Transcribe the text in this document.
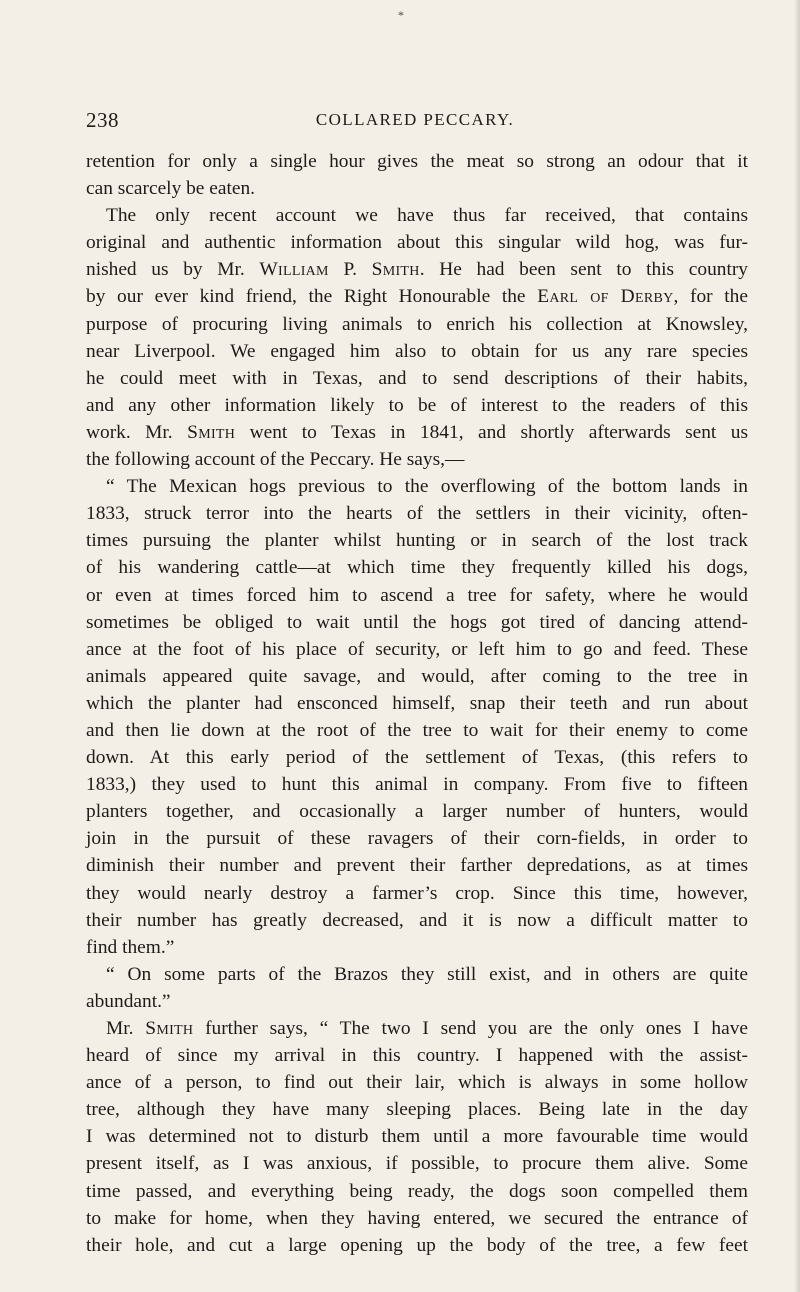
*
238	COLLARED PECCARY.
retention for only a single hour gives the meat so strong an odour that it
can scarcely be eaten.
The only recent account we have thus far received, that contains
original and authentic information about this singular wild hog, was fur-
nished us by Mr. William P. Smith. He had been sent to this country
by our ever kind friend, the Right Honourable the Earl of Derby, for the
purpose of procuring living animals to enrich his collection at Knowsley,
near Liverpool. We engaged him also to obtain for us any rare species
he could meet with in Texas, and to send descriptions of their habits,
and any other information likely to be of interest to the readers of this
work. Mr. Smith went to Texas in 1841, and shortly afterwards sent us
the following account of the Peccary. He says,—
“ The Mexican hogs previous to the overflowing of the bottom lands in
1833, struck terror into the hearts of the settlers in their vicinity, often-
times pursuing the planter whilst hunting or in search of the lost track
of his wandering cattle—at which time they frequently killed his dogs,
or even at times forced him to ascend a tree for safety, where he would
sometimes be obliged to wait until the hogs got tired of dancing attend-
ance at the foot of his place of security, or left him to go and feed. These
animals appeared quite savage, and would, after coming to the tree in
which the planter had ensconced himself, snap their teeth and run about
and then lie down at the root of the tree to wait for their enemy to come
down. At this early period of the settlement of Texas, (this refers to
1833,) they used to hunt this animal in company. From five to fifteen
planters together, and occasionally a larger number of hunters, would
join in the pursuit of these ravagers of their corn-fields, in order to
diminish their number and prevent their farther depredations, as at times
they would nearly destroy a farmer’s crop. Since this time, however,
their number has greatly decreased, and it is now a difficult matter to
find them.”
“ On some parts of the Brazos they still exist, and in others are quite
abundant.”
Mr. Smith further says, “ The two I send you are the only ones I have
heard of since my arrival in this country. I happened with the assist-
ance of a person, to find out their lair, which is always in some hollow
tree, although they have many sleeping places. Being late in the day
I was determined not to disturb them until a more favourable time would
present itself, as I was anxious, if possible, to procure them alive. Some
time passed, and everything being ready, the dogs soon compelled them
to make for home, when they having entered, we secured the entrance of
their hole, and cut a large opening up the body of the tree, a few feet
